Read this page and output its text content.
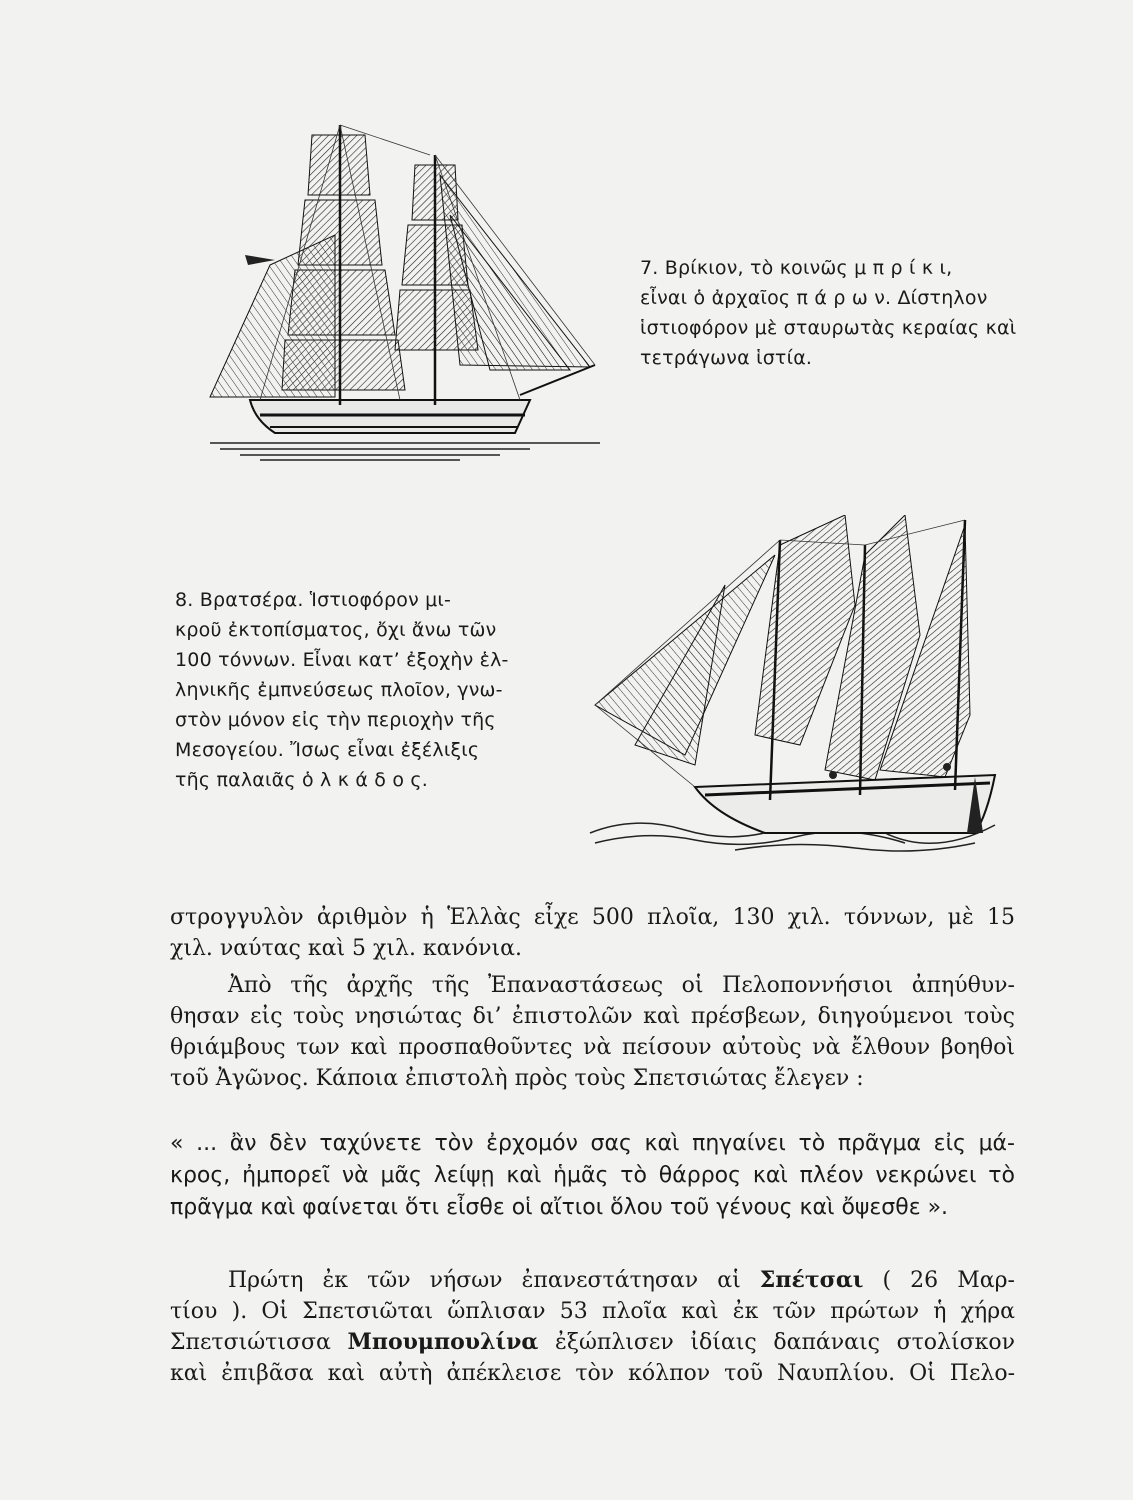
7. Βρίκιον, τὸ κοινῶς μ π ρ ί κ ι,
εἶναι ὁ ἀρχαῖος π ά ρ ω ν. Δίστηλον
ἱστιοφόρον μὲ σταυρωτὰς κεραίας καὶ
τετράγωνα ἱστία.
8. Βρατσέρα. Ἱστιοφόρον μι-
κροῦ ἐκτοπίσματος, ὄχι ἄνω τῶν
100 τόννων. Εἶναι κατ’ ἐξοχὴν ἑλ-
ληνικῆς ἐμπνεύσεως πλοῖον, γνω-
στὸν μόνον εἰς τὴν περιοχὴν τῆς
Μεσογείου. Ἴσως εἶναι ἐξέλιξις
τῆς παλαιᾶς ὁ λ κ ά δ ο ς.
στρογγυλὸν ἀριθμὸν ἡ Ἑλλὰς εἶχε 500 πλοῖα, 130 χιλ. τόννων, μὲ 15
χιλ. ναύτας καὶ 5 χιλ. κανόνια.
Ἀπὸ τῆς ἀρχῆς τῆς Ἐπαναστάσεως οἱ Πελοποννήσιοι ἀπηύθυν-
θησαν εἰς τοὺς νησιώτας δι’ ἐπιστολῶν καὶ πρέσβεων, διηγούμενοι τοὺς
θριάμβους των καὶ προσπαθοῦντες νὰ πείσουν αὐτοὺς νὰ ἔλθουν βοηθοὶ
τοῦ Ἀγῶνος. Κάποια ἐπιστολὴ πρὸς τοὺς Σπετσιώτας ἔλεγεν :
« ... ἂν δὲν ταχύνετε τὸν ἐρχομόν σας καὶ πηγαίνει τὸ πρᾶγμα εἰς μά-
κρος, ἠμπορεῖ νὰ μᾶς λείψῃ καὶ ἡμᾶς τὸ θάρρος καὶ πλέον νεκρώνει τὸ
πρᾶγμα καὶ φαίνεται ὅτι εἶσθε οἱ αἴτιοι ὅλου τοῦ γένους καὶ ὄψεσθε ».
Πρώτη ἐκ τῶν νήσων ἐπανεστάτησαν αἱ Σπέτσαι ( 26 Μαρ-
τίου ). Οἱ Σπετσιῶται ὥπλισαν 53 πλοῖα καὶ ἐκ τῶν πρώτων ἡ χήρα
Σπετσιώτισσα Μπουμπουλίνα ἐξώπλισεν ἰδίαις δαπάναις στολίσκον
καὶ ἐπιβᾶσα καὶ αὐτὴ ἀπέκλεισε τὸν κόλπον τοῦ Ναυπλίου. Οἱ Πελο-
